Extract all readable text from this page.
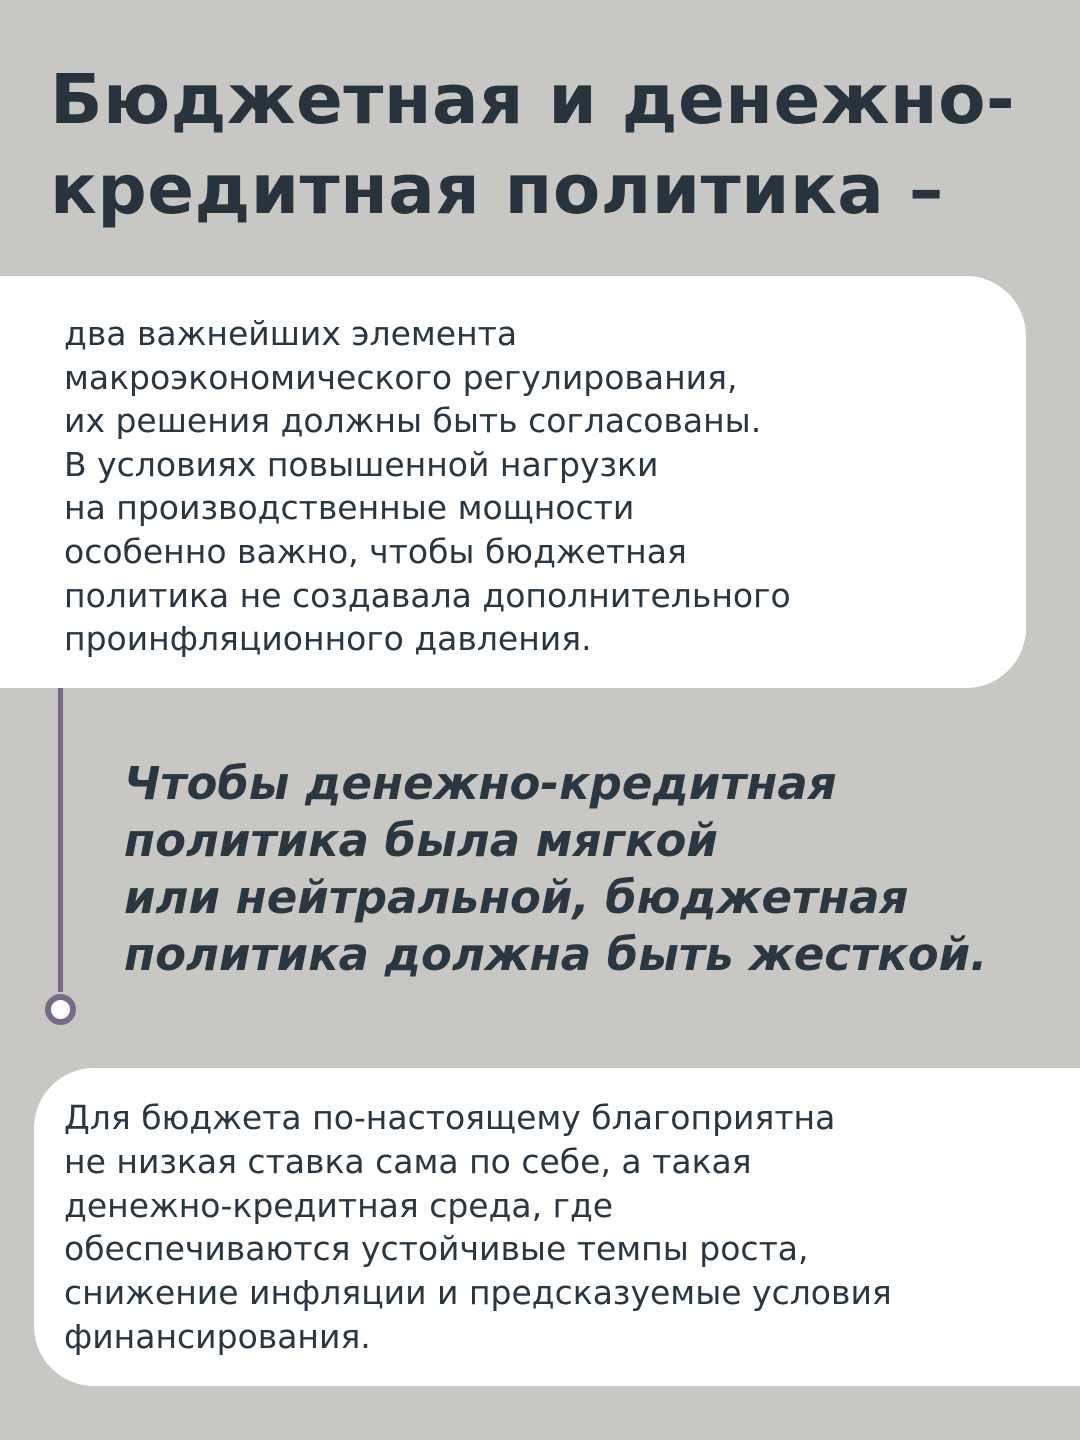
Бюджетная и денежно-
кредитная политика –
два важнейших элемента
макроэкономического регулирования,
их решения должны быть согласованы.
В условиях повышенной нагрузки
на производственные мощности
особенно важно, чтобы бюджетная
политика не создавала дополнительного
проинфляционного давления.
Чтобы денежно-кредитная
политика была мягкой
или нейтральной, бюджетная
политика должна быть жесткой.
Для бюджета по-настоящему благоприятна
не низкая ставка сама по себе, а такая
денежно-кредитная среда, где
обеспечиваются устойчивые темпы роста,
снижение инфляции и предсказуемые условия
финансирования.
